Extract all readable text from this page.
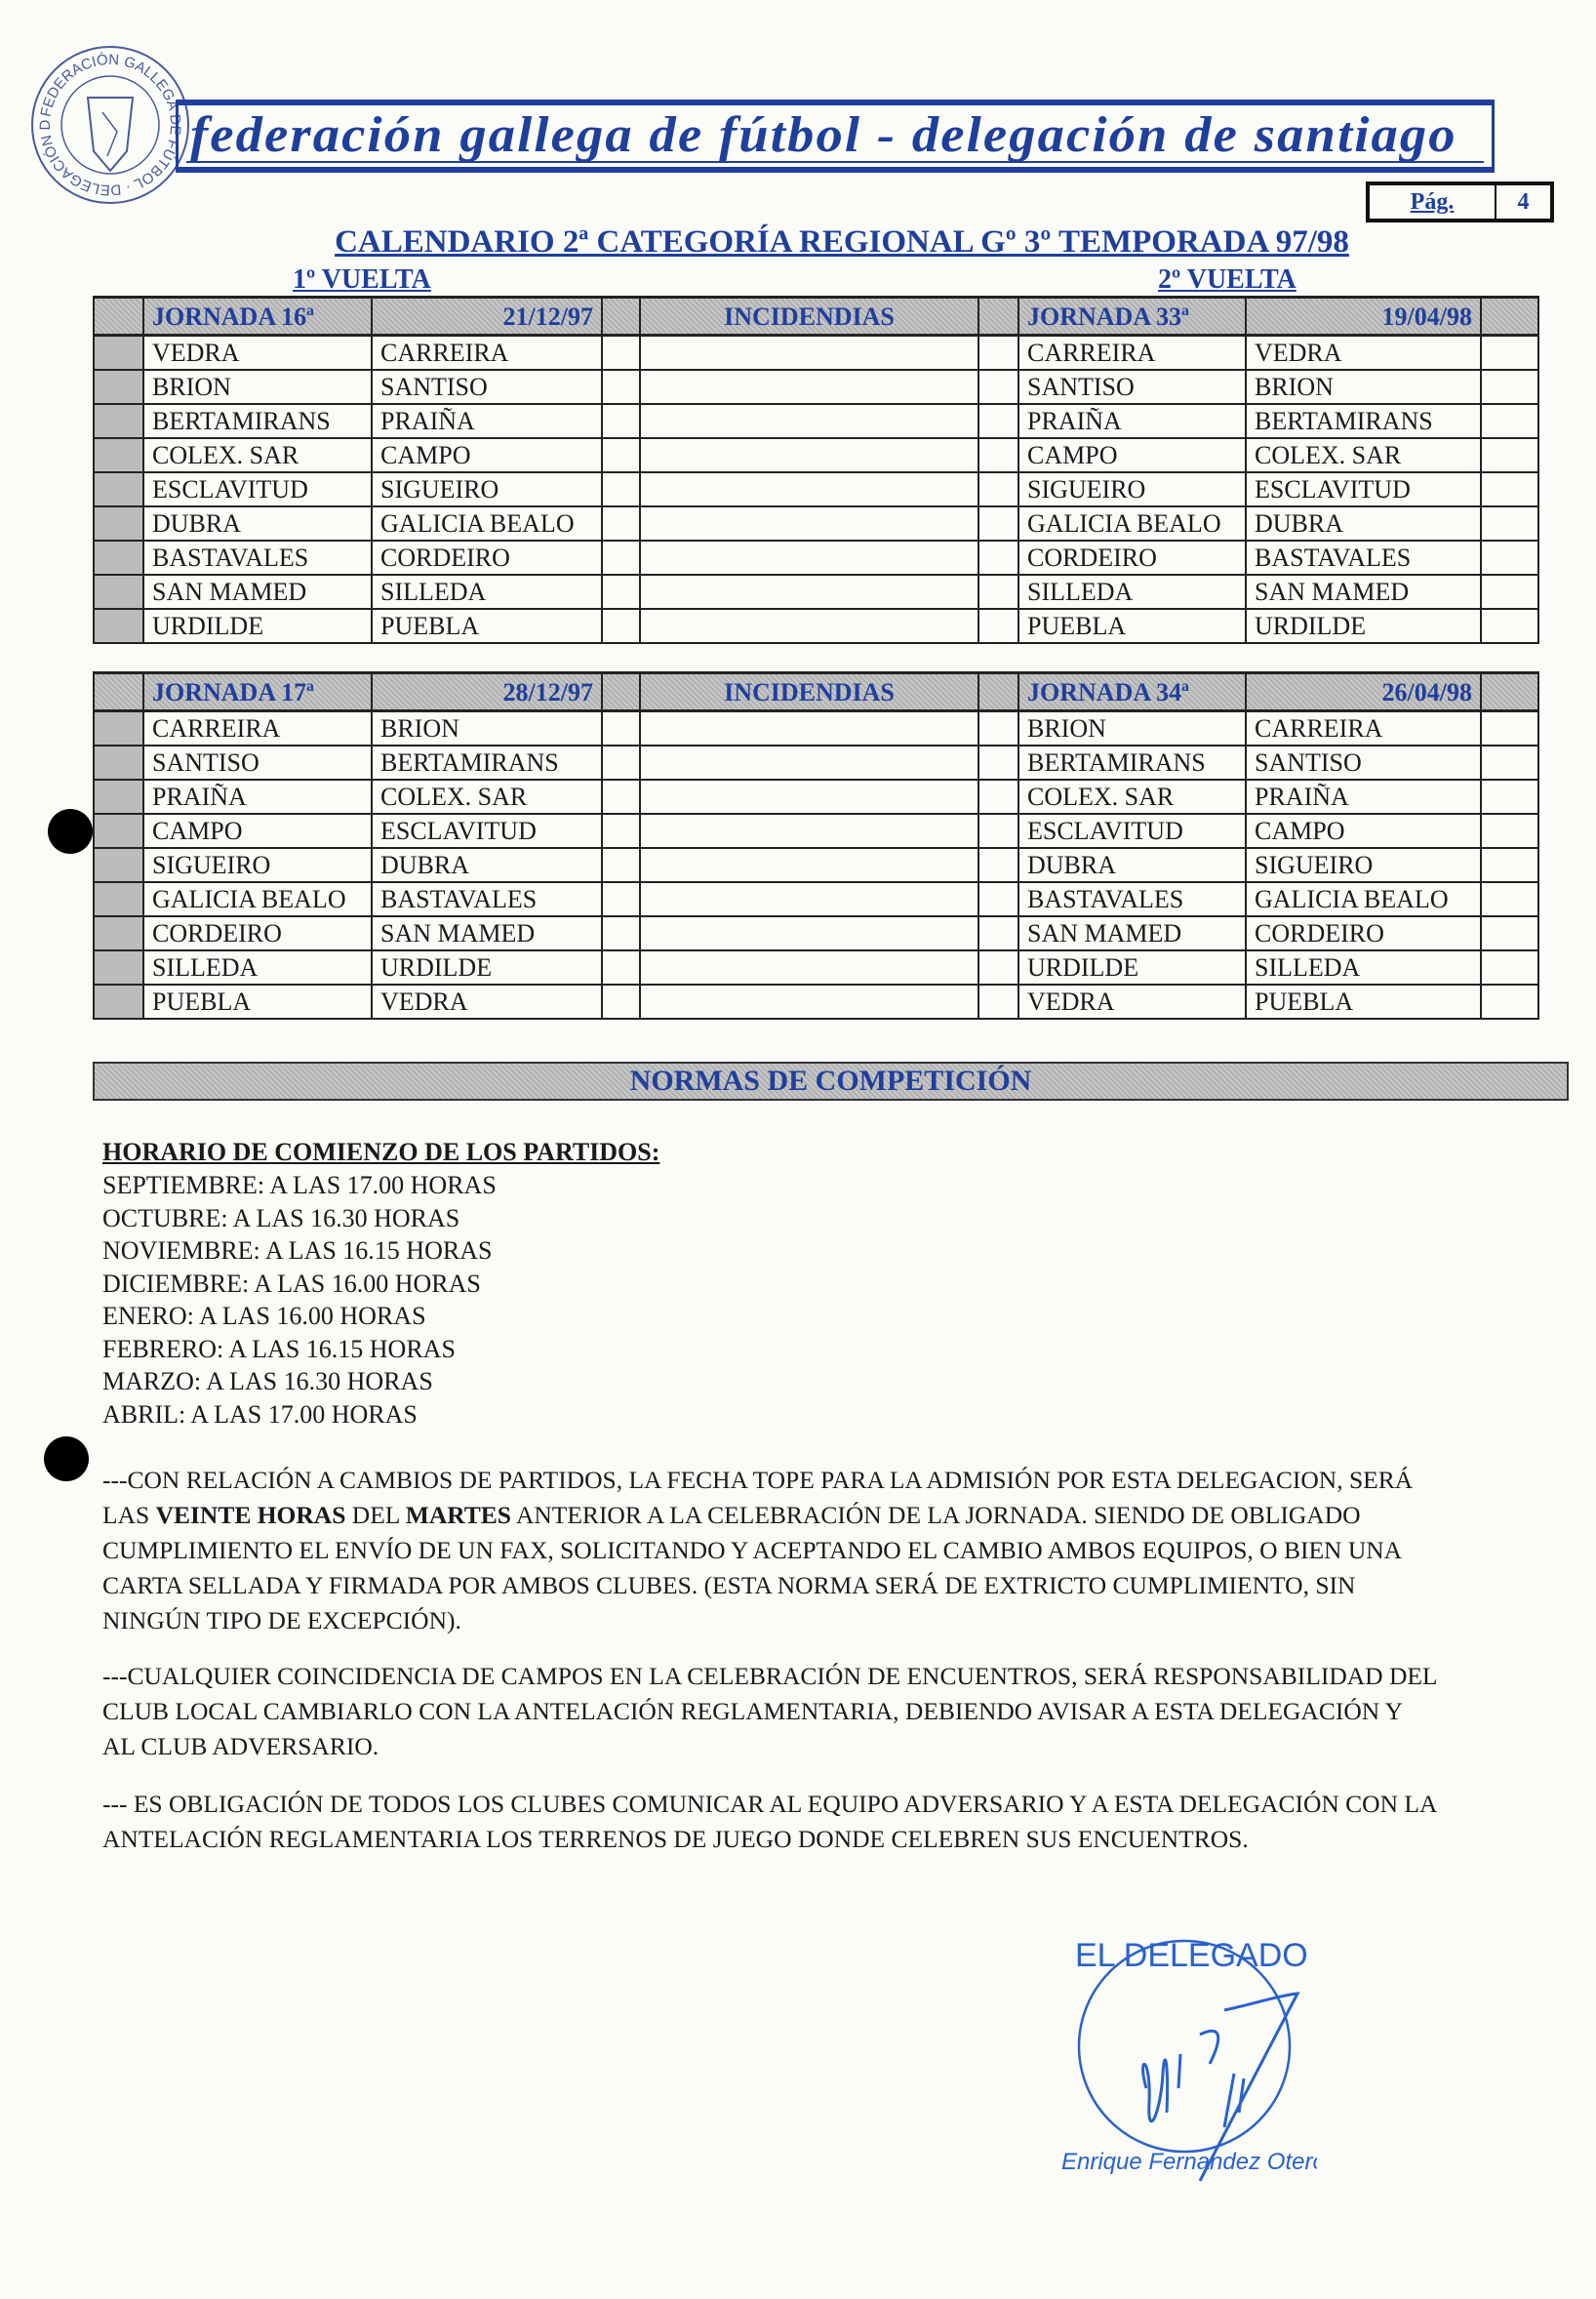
FEDERACIÓN GALLEGA DE FÚTBOL · DELEGACIÓN D	federación gallega de fútbol - delegación de santiago
Pág.	4
CALENDARIO 2ª CATEGORÍA REGIONAL Gº 3º TEMPORADA 97/98
1º VUELTA	2º VUELTA
	JORNADA 16ª	21/12/97		INCIDENDIAS		JORNADA 33ª	19/04/98	
	VEDRA	CARREIRA				CARREIRA	VEDRA	
	BRION	SANTISO				SANTISO	BRION	
	BERTAMIRANS	PRAIÑA				PRAIÑA	BERTAMIRANS	
	COLEX. SAR	CAMPO				CAMPO	COLEX. SAR	
	ESCLAVITUD	SIGUEIRO				SIGUEIRO	ESCLAVITUD	
	DUBRA	GALICIA BEALO				GALICIA BEALO	DUBRA	
	BASTAVALES	CORDEIRO				CORDEIRO	BASTAVALES	
	SAN MAMED	SILLEDA				SILLEDA	SAN MAMED	
	URDILDE	PUEBLA				PUEBLA	URDILDE	
	JORNADA 17ª	28/12/97		INCIDENDIAS		JORNADA 34ª	26/04/98	
	CARREIRA	BRION				BRION	CARREIRA	
	SANTISO	BERTAMIRANS				BERTAMIRANS	SANTISO	
	PRAIÑA	COLEX. SAR				COLEX. SAR	PRAIÑA	
	CAMPO	ESCLAVITUD				ESCLAVITUD	CAMPO	
	SIGUEIRO	DUBRA				DUBRA	SIGUEIRO	
	GALICIA BEALO	BASTAVALES				BASTAVALES	GALICIA BEALO	
	CORDEIRO	SAN MAMED				SAN MAMED	CORDEIRO	
	SILLEDA	URDILDE				URDILDE	SILLEDA	
	PUEBLA	VEDRA				VEDRA	PUEBLA	
NORMAS DE COMPETICIÓN
HORARIO DE COMIENZO DE LOS PARTIDOS:
SEPTIEMBRE: A LAS 17.00 HORAS
OCTUBRE: A LAS 16.30 HORAS
NOVIEMBRE: A LAS 16.15 HORAS
DICIEMBRE: A LAS 16.00 HORAS
ENERO: A LAS 16.00 HORAS
FEBRERO: A LAS 16.15 HORAS
MARZO: A LAS 16.30 HORAS
ABRIL: A LAS 17.00 HORAS
---CON RELACIÓN A CAMBIOS DE PARTIDOS, LA FECHA TOPE PARA LA ADMISIÓN POR ESTA DELEGACION, SERÁ
LAS VEINTE HORAS DEL MARTES ANTERIOR A LA CELEBRACIÓN DE LA JORNADA. SIENDO DE OBLIGADO
CUMPLIMIENTO EL ENVÍO DE UN FAX, SOLICITANDO Y ACEPTANDO EL CAMBIO AMBOS EQUIPOS, O BIEN UNA
CARTA SELLADA Y FIRMADA POR AMBOS CLUBES. (ESTA NORMA SERÁ DE EXTRICTO CUMPLIMIENTO, SIN
NINGÚN TIPO DE EXCEPCIÓN).
---CUALQUIER COINCIDENCIA DE CAMPOS EN LA CELEBRACIÓN DE ENCUENTROS, SERÁ RESPONSABILIDAD DEL
CLUB LOCAL CAMBIARLO CON LA ANTELACIÓN REGLAMENTARIA, DEBIENDO AVISAR A ESTA DELEGACIÓN Y
AL CLUB ADVERSARIO.
--- ES OBLIGACIÓN DE TODOS LOS CLUBES COMUNICAR AL EQUIPO ADVERSARIO Y A ESTA DELEGACIÓN CON LA
ANTELACIÓN REGLAMENTARIA LOS TERRENOS DE JUEGO DONDE CELEBREN SUS ENCUENTROS.
EL DELEGADO
Enrique Fernandez Otero
